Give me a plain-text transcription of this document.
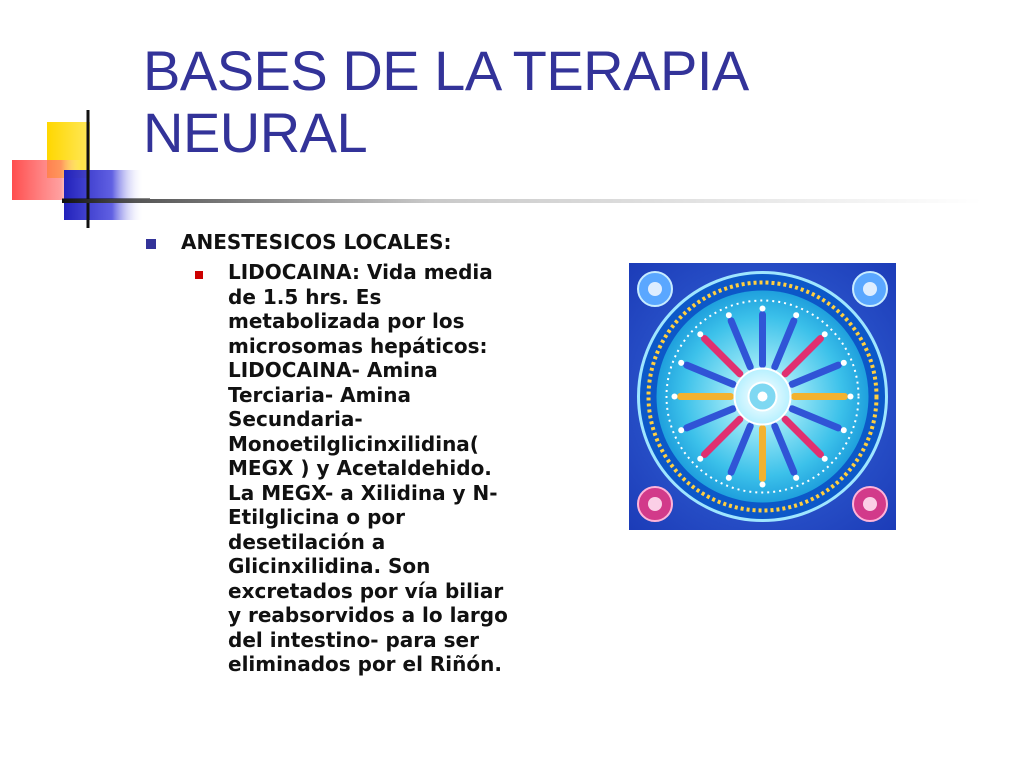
BASES DE LA TERAPIA
NEURAL
ANESTESICOS LOCALES:
LIDOCAINA: Vida media
de 1.5 hrs. Es
metabolizada por los
microsomas hepáticos:
LIDOCAINA- Amina
Terciaria- Amina
Secundaria-
Monoetilglicinxilidina(
MEGX ) y Acetaldehido.
La MEGX- a Xilidina y N-
Etilglicina o por
desetilación a
Glicinxilidina. Son
excretados por vía biliar
y reabsorvidos a lo largo
del intestino- para ser
eliminados por el Riñón.
